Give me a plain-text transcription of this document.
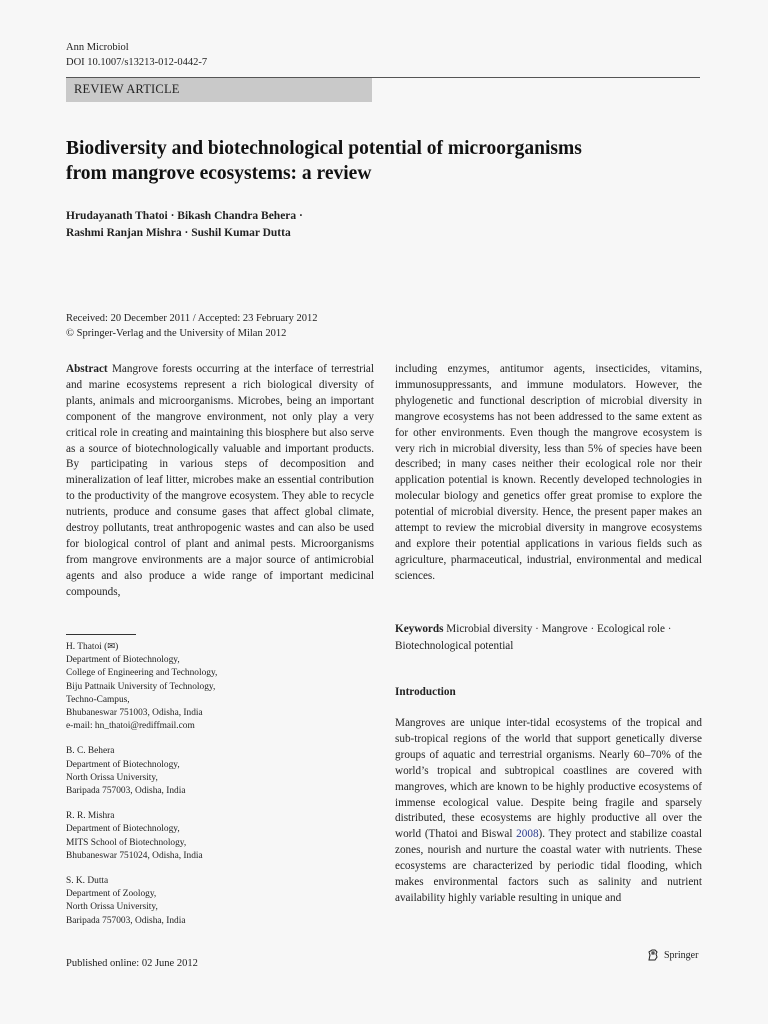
Ann Microbiol
DOI 10.1007/s13213-012-0442-7
REVIEW ARTICLE
Biodiversity and biotechnological potential of microorganisms
from mangrove ecosystems: a review
Hrudayanath Thatoi · Bikash Chandra Behera ·
Rashmi Ranjan Mishra · Sushil Kumar Dutta
Received: 20 December 2011 / Accepted: 23 February 2012
© Springer-Verlag and the University of Milan 2012

Abstract Mangrove forests occurring at the interface of terrestrial and marine ecosystems represent a rich biological diversity of plants, animals and microorganisms. Microbes, being an important component of the mangrove environment, not only play a very critical role in creating and maintaining this biosphere but also serve as a source of biotechnologically valuable and important products. By participating in various steps of decomposition and mineralization of leaf litter, microbes make an essential contribution to the productivity of the mangrove ecosystem. They able to recycle nutrients, produce and consume gases that affect global climate, destroy pollutants, treat anthropogenic wastes and can also be used for biological control of plant and animal pests. Microorganisms from mangrove environments are a major source of antimicrobial agents and also produce a wide range of important medicinal compounds,

including enzymes, antitumor agents, insecticides, vitamins, immunosuppressants, and immune modulators. However, the phylogenetic and functional description of microbial diversity in mangrove ecosystems has not been addressed to the same extent as for other environments. Even though the mangrove ecosystem is very rich in microbial diversity, less than 5% of species have been described; in many cases neither their ecological role nor their application potential is known. Recently developed technologies in molecular biology and genetics offer great promise to explore the potential of microbial diversity. Hence, the present paper makes an attempt to review the microbial diversity in mangrove ecosystems and explore their potential applications in various fields such as agriculture, pharmaceutical, industrial, environmental and medical sciences.

Keywords Microbial diversity · Mangrove · Ecological role · Biotechnological potential
H. Thatoi (✉)
Department of Biotechnology,
College of Engineering and Technology,
Biju Pattnaik University of Technology,
Techno-Campus,
Bhubaneswar 751003, Odisha, India
e-mail: hn_thatoi@rediffmail.com
B. C. Behera
Department of Biotechnology,
North Orissa University,
Baripada 757003, Odisha, India
R. R. Mishra
Department of Biotechnology,
MITS School of Biotechnology,
Bhubaneswar 751024, Odisha, India
S. K. Dutta
Department of Zoology,
North Orissa University,
Baripada 757003, Odisha, India
Introduction
Mangroves are unique inter-tidal ecosystems of the tropical and sub-tropical regions of the world that support genetically diverse groups of aquatic and terrestrial organisms. Nearly 60–70% of the world’s tropical and subtropical coastlines are covered with mangroves, which are known to be highly productive ecosystems of immense ecological value. Despite being fragile and sparsely distributed, these ecosystems are highly productive all over the world (Thatoi and Biswal 2008). They protect and stabilize coastal zones, nourish and nurture the coastal water with nutrients. These ecosystems are characterized by periodic tidal flooding, which makes environmental factors such as salinity and nutrient availability highly variable resulting in unique and
Published online: 02 June 2012
Springer
